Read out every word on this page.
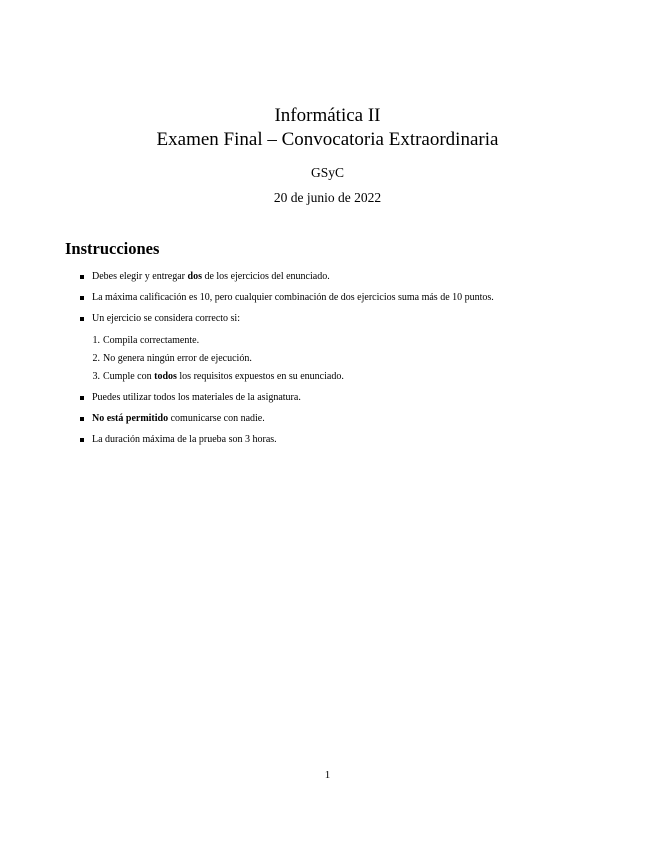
Informática II
Examen Final – Convocatoria Extraordinaria
GSyC
20 de junio de 2022
Instrucciones
Debes elegir y entregar dos de los ejercicios del enunciado.
La máxima calificación es 10, pero cualquier combinación de dos ejercicios suma más de 10 puntos.
Un ejercicio se considera correcto si:
1. Compila correctamente.
2. No genera ningún error de ejecución.
3. Cumple con todos los requisitos expuestos en su enunciado.
Puedes utilizar todos los materiales de la asignatura.
No está permitido comunicarse con nadie.
La duración máxima de la prueba son 3 horas.
1
